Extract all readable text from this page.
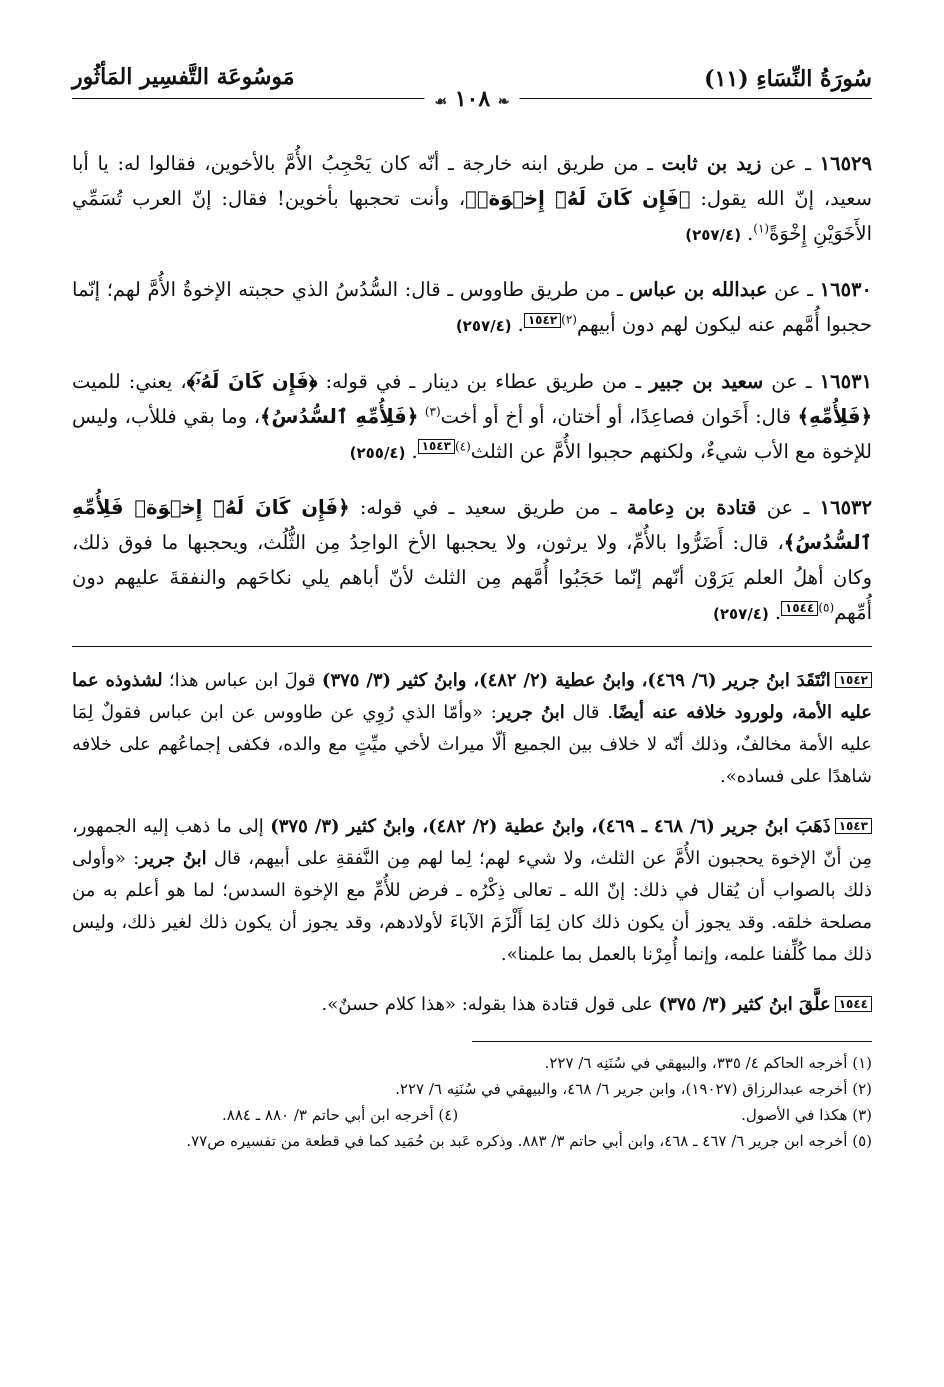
سُورَةُ النِّسَاءِ (١١)
مَوسُوعَة التَّفسِير المَأثُور
❧ ١٠٨ ☙

١٦٥٢٩ ـ عن زيد بن ثابت ـ من طريق ابنه خارجة ـ أنّه كان يَحْجِبُ الأُمَّ بالأخوين، فقالوا له: يا أبا سعيد، إنّ الله يقول: ﴿فَإِن كَانَ لَهُۥٓ إِخۡوَةٞ﴾، وأنت تحجبها بأخوين! فقال: إنّ العرب تُسَمِّي الأَخَوَيْنِ إِخْوَةً$^{(١)}$.(٢٥٧/٤)

١٦٥٣٠ ـ عن عبدالله بن عباس ـ من طريق طاووس ـ قال: السُّدُسُ الذي حجبته الإخوةُ الأُمَّ لهم؛ إنّما حجبوا أُمَّهم عنه ليكون لهم دون أبيهم$^{(٢)}$١٥٤٢.(٢٥٧/٤)

١٦٥٣١ ـ عن سعيد بن جبير ـ من طريق عطاء بن دينار ـ في قوله: ﴿فَإِن كَانَ لَهُۥٓ﴾، يعني: للميت ﴿فَلِأُمِّهِ﴾ قال: أَخَوان فصاعِدًا، أو أختان، أو أخ أو أخت$^{(٣)}$ ﴿فَلِأُمِّهِ ٱلسُّدُسُ﴾، وما بقي فللأب، وليس للإخوة مع الأب شيءٌ، ولكنهم حجبوا الأُمَّ عن الثلث$^{(٤)}$١٥٤٣.(٢٥٥/٤)

١٦٥٣٢ ـ عن قتادة بن دِعامة ـ من طريق سعيد ـ في قوله: ﴿فَإِن كَانَ لَهُۥٓ إِخۡوَةٞ فَلِأُمِّهِ ٱلسُّدُسُ﴾، قال: أَضَرُّوا بالأُمِّ، ولا يرثون، ولا يحجبها الأخ الواحِدُ مِن الثُّلُث، ويحجبها ما فوق ذلك، وكان أهلُ العلم يَرَوْن أنّهم إنّما حَجَبُوا أُمَّهم مِن الثلث لأنّ أباهم يلي نكاحَهم والنفقةَ عليهم دون أُمِّهم$^{(٥)}$١٥٤٤.(٢٥٧/٤)

١٥٤٢انْتَقَدَ ابنُ جرير (٦/ ٤٦٩)، وابنُ عطية (٢/ ٤٨٢)، وابنُ كثير (٣/ ٣٧٥) قولَ ابن عباس هذا؛ لشذوذه عما عليه الأمة، ولورود خلافه عنه أيضًا. قال ابنُ جرير: «وأمّا الذي رُوِي عن طاووس عن ابن عباس فقولٌ لِمَا عليه الأمة مخالفٌ، وذلك أنّه لا خلاف بين الجميع ألّا ميراث لأخي ميِّتٍ مع والده، فكفى إجماعُهم على خلافه شاهدًا على فساده».

١٥٤٣ذَهَبَ ابنُ جرير (٦/ ٤٦٨ ـ ٤٦٩)، وابنُ عطية (٢/ ٤٨٢)، وابنُ كثير (٣/ ٣٧٥) إلى ما ذهب إليه الجمهور، مِن أنّ الإخوة يحجبون الأُمَّ عن الثلث، ولا شيء لهم؛ لِما لهم مِن النَّفقةِ على أبيهم، قال ابنُ جرير: «وأولى ذلك بالصواب أن يُقال في ذلك: إنّ الله ـ تعالى ذِكْرُه ـ فرض للأُمِّ مع الإخوة السدس؛ لما هو أعلم به من مصلحة خلقه. وقد يجوز أن يكون ذلك كان لِمَا أَلْزَمَ الآباءَ لأولادهم، وقد يجوز أن يكون ذلك لغير ذلك، وليس ذلك مما كُلِّفنا علمه، وإنما أُمِرْنا بالعمل بما علمنا».

١٥٤٤علَّقَ ابنُ كثير (٣/ ٣٧٥) على قول قتادة هذا بقوله: «هذا كلام حسنٌ».

(١) أخرجه الحاكم ٤/ ٣٣٥، والبيهقي في سُنَنِه ٦/ ٢٢٧.
(٢) أخرجه عبدالرزاق (١٩٠٢٧)، وابن جرير ٦/ ٤٦٨، والبيهقي في سُنَنِه ٦/ ٢٢٧.
(٣) هكذا في الأصول.
(٤) أخرجه ابن أبي حاتم ٣/ ٨٨٠ ـ ٨٨٤.
(٥) أخرجه ابن جرير ٦/ ٤٦٧ ـ ٤٦٨، وابن أبي حاتم ٣/ ٨٨٣. وذكره عَبد بن حُمَيد كما في قطعة من تفسيره ص٧٧.
